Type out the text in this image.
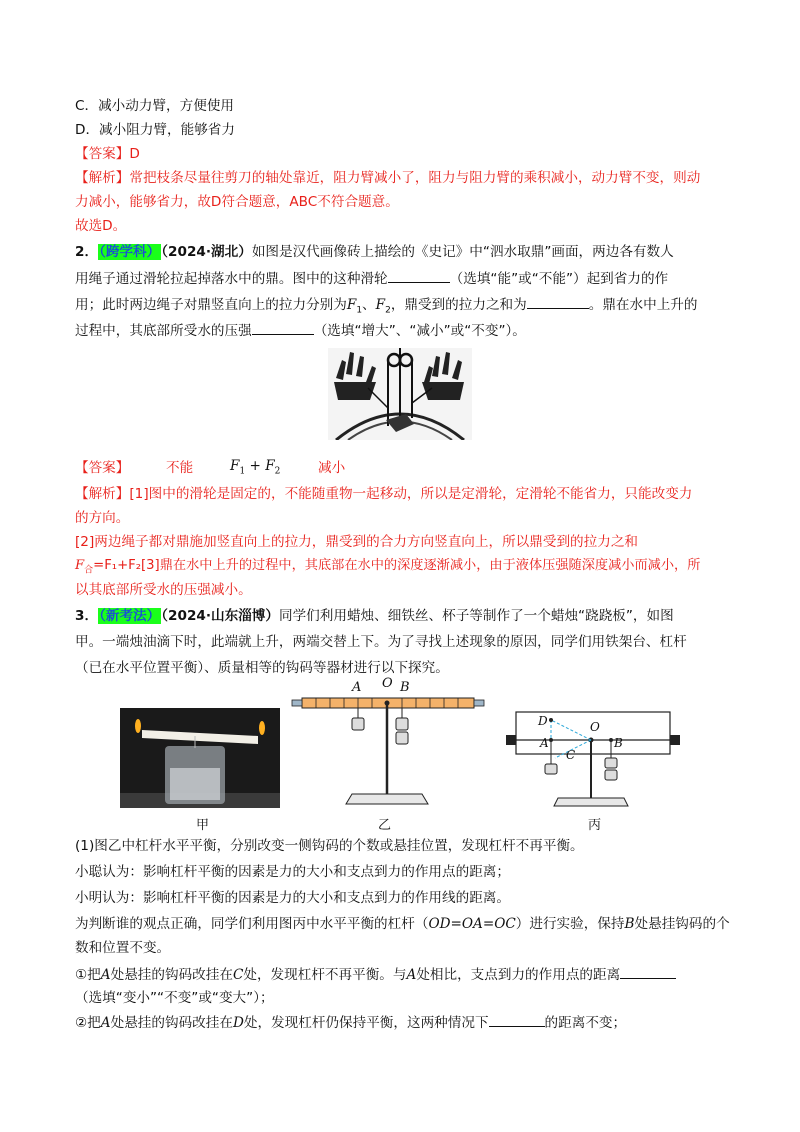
C．减小动力臂，方便使用
D．减小阻力臂，能够省力
【答案】D
【解析】常把枝条尽量往剪刀的轴处靠近，阻力臂减小了，阻力与阻力臂的乘积减小，动力臂不变，则动
力减小，能够省力，故D符合题意，ABC不符合题意。
故选D。
2．（跨学科）（2024·湖北）如图是汉代画像砖上描绘的《史记》中“泗水取鼎”画面，两边各有数人
用绳子通过滑轮拉起掉落水中的鼎。图中的这种滑轮	（选填“能”或“不能”）起到省力的作
用；此时两边绳子对鼎竖直向上的拉力分别为$F_1$、$F_2$，鼎受到的拉力之和为	。鼎在水中上升的
过程中，其底部所受水的压强	（选填“增大”、“减小”或“不变”）。
【答案】	不能	$F_1 + F_2$	减小
【解析】[1]图中的滑轮是固定的，不能随重物一起移动，所以是定滑轮，定滑轮不能省力，只能改变力
的方向。
[2]两边绳子都对鼎施加竖直向上的拉力，鼎受到的合力方向竖直向上，所以鼎受到的拉力之和
$F_合=F_1+F_2[3]$鼎在水中上升的过程中，其底部在水中的深度逐渐减小，由于液体压强随深度减小而减小，所
以其底部所受水的压强减小。
3．（新考法）（2024·山东淄博）同学们利用蜡烛、细铁丝、杯子等制作了一个蜡烛“跷跷板”，如图
甲。一端烛油滴下时，此端就上升，两端交替上下。为了寻找上述现象的原因，同学们用铁架台、杠杆
（已在水平位置平衡）、质量相等的钩码等器材进行以下探究。
甲
A O B
乙
D	O
A
C
B
丙
(1)图乙中杠杆水平平衡，分别改变一侧钩码的个数或悬挂位置，发现杠杆不再平衡。
小聪认为：影响杠杆平衡的因素是力的大小和支点到力的作用点的距离；
小明认为：影响杠杆平衡的因素是力的大小和支点到力的作用线的距离。
为判断谁的观点正确，同学们利用图丙中水平平衡的杠杆（OD=OA=OC）进行实验，保持B处悬挂钩码的个
数和位置不变。
①把A处悬挂的钩码改挂在C处，发现杠杆不再平衡。与A处相比，支点到力的作用点的距离
（选填“变小”“不变”或“变大”）；
②把A处悬挂的钩码改挂在D处，发现杠杆仍保持平衡，这两种情况下	的距离不变；
